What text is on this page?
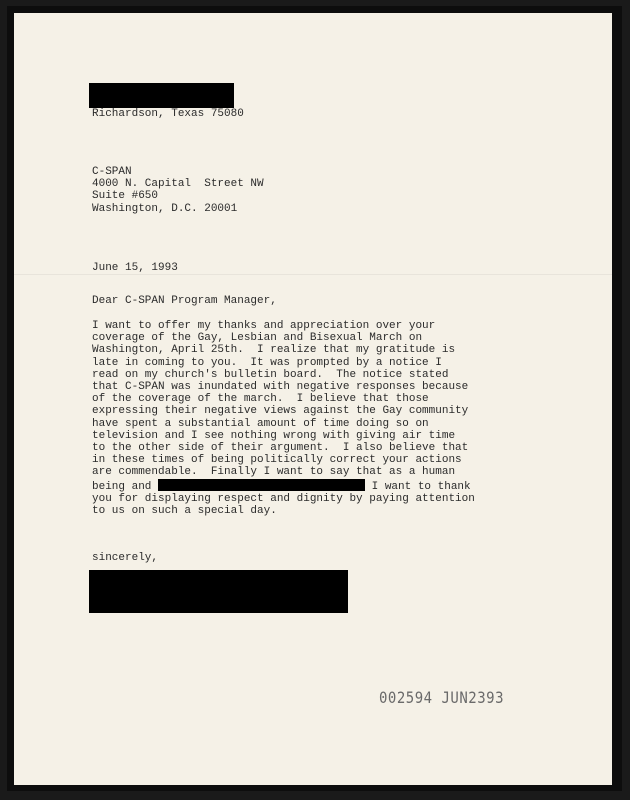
Richardson, Texas 75080
C-SPAN
4000 N. Capital  Street NW
Suite #650
Washington, D.C. 20001
June 15, 1993
Dear C-SPAN Program Manager,
I want to offer my thanks and appreciation over your
coverage of the Gay, Lesbian and Bisexual March on
Washington, April 25th.  I realize that my gratitude is
late in coming to you.  It was prompted by a notice I
read on my church's bulletin board.  The notice stated
that C-SPAN was inundated with negative responses because
of the coverage of the march.  I believe that those
expressing their negative views against the Gay community
have spent a substantial amount of time doing so on
television and I see nothing wrong with giving air time
to the other side of their argument.  I also believe that
in these times of being politically correct your actions
are commendable.  Finally I want to say that as a human
being and	I want to thank
you for displaying respect and dignity by paying attention
to us on such a special day.
sincerely,
002594 JUN2393
